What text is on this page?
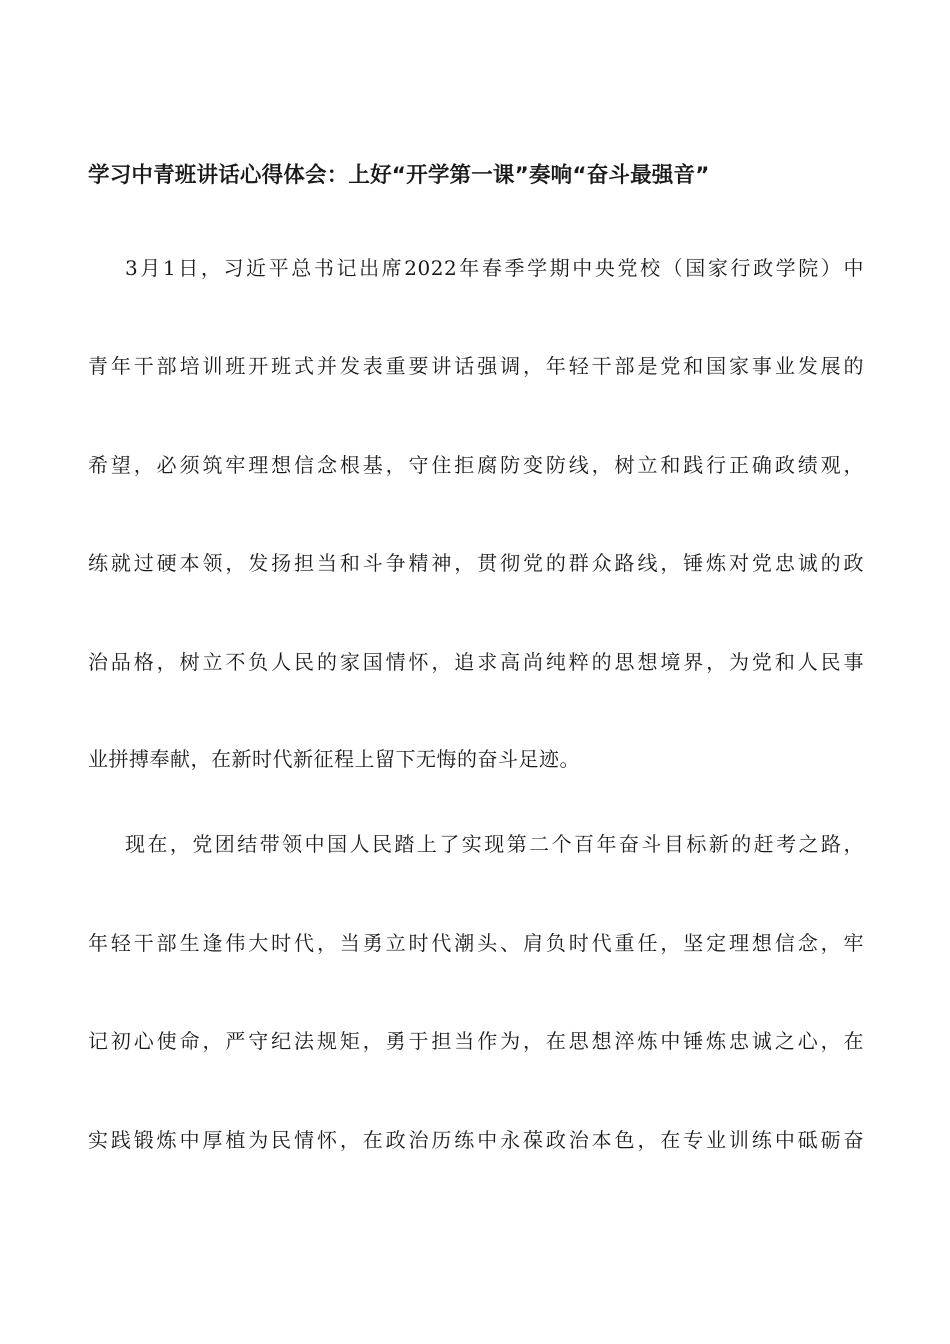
学习中青班讲话心得体会：上好“开学第一课”奏响“奋斗最强音”
3月1日，习近平总书记出席2022年春季学期中央党校（国家行政学院）中
青年干部培训班开班式并发表重要讲话强调，年轻干部是党和国家事业发展的
希望，必须筑牢理想信念根基，守住拒腐防变防线，树立和践行正确政绩观，
练就过硬本领，发扬担当和斗争精神，贯彻党的群众路线，锤炼对党忠诚的政
治品格，树立不负人民的家国情怀，追求高尚纯粹的思想境界，为党和人民事
业拼搏奉献，在新时代新征程上留下无悔的奋斗足迹。
现在，党团结带领中国人民踏上了实现第二个百年奋斗目标新的赶考之路，
年轻干部生逢伟大时代，当勇立时代潮头、肩负时代重任，坚定理想信念，牢
记初心使命，严守纪法规矩，勇于担当作为，在思想淬炼中锤炼忠诚之心，在
实践锻炼中厚植为民情怀，在政治历练中永葆政治本色，在专业训练中砥砺奋
